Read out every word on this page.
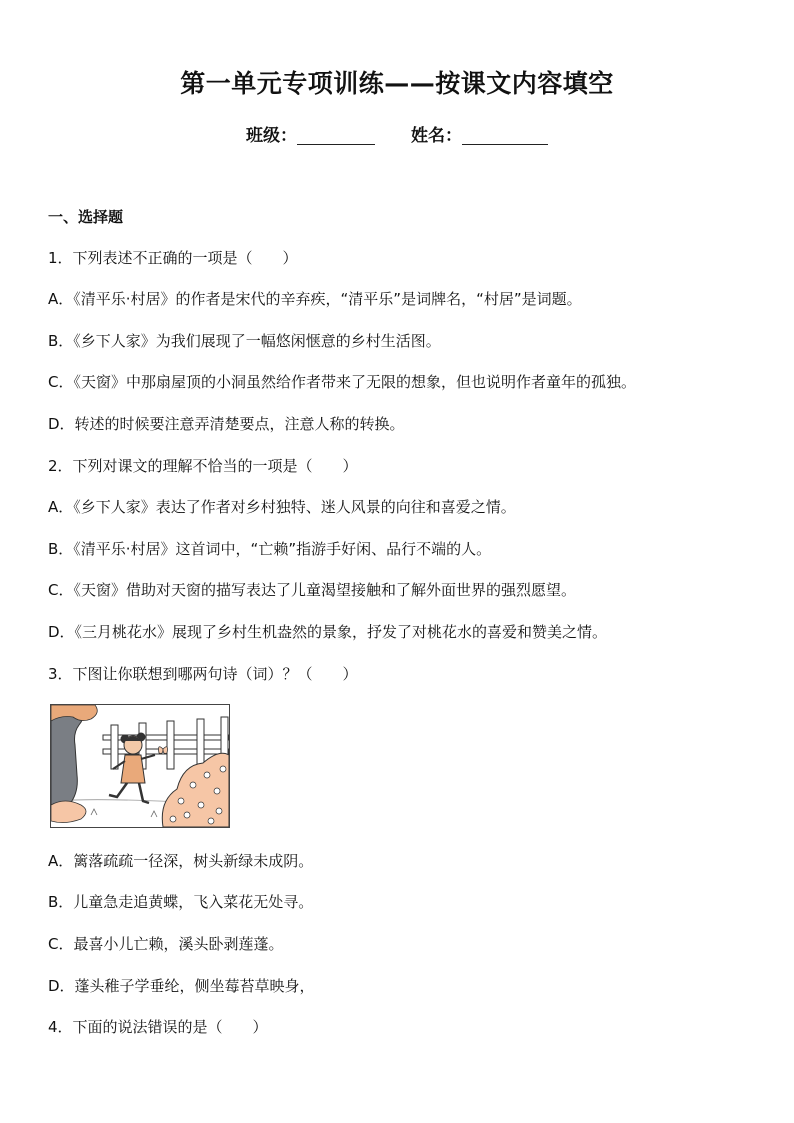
第一单元专项训练——按课文内容填空
班级：	姓名：
一、选择题
1．下列表述不正确的一项是（　　）
A．《清平乐·村居》的作者是宋代的辛弃疾，“清平乐”是词牌名，“村居”是词题。
B．《乡下人家》为我们展现了一幅悠闲惬意的乡村生活图。
C．《天窗》中那扇屋顶的小洞虽然给作者带来了无限的想象，但也说明作者童年的孤独。
D．转述的时候要注意弄清楚要点，注意人称的转换。
2．下列对课文的理解不恰当的一项是（　　）
A．《乡下人家》表达了作者对乡村独特、迷人风景的向往和喜爱之情。
B．《清平乐·村居》这首词中，“亡赖”指游手好闲、品行不端的人。
C．《天窗》借助对天窗的描写表达了儿童渴望接触和了解外面世界的强烈愿望。
D．《三月桃花水》展现了乡村生机盎然的景象，抒发了对桃花水的喜爱和赞美之情。
3．下图让你联想到哪两句诗（词）？（　　）
A．篱落疏疏一径深，树头新绿未成阴。
B．儿童急走追黄蝶，飞入菜花无处寻。
C．最喜小儿亡赖，溪头卧剥莲蓬。
D．蓬头稚子学垂纶，侧坐莓苔草映身，
4．下面的说法错误的是（　　）
